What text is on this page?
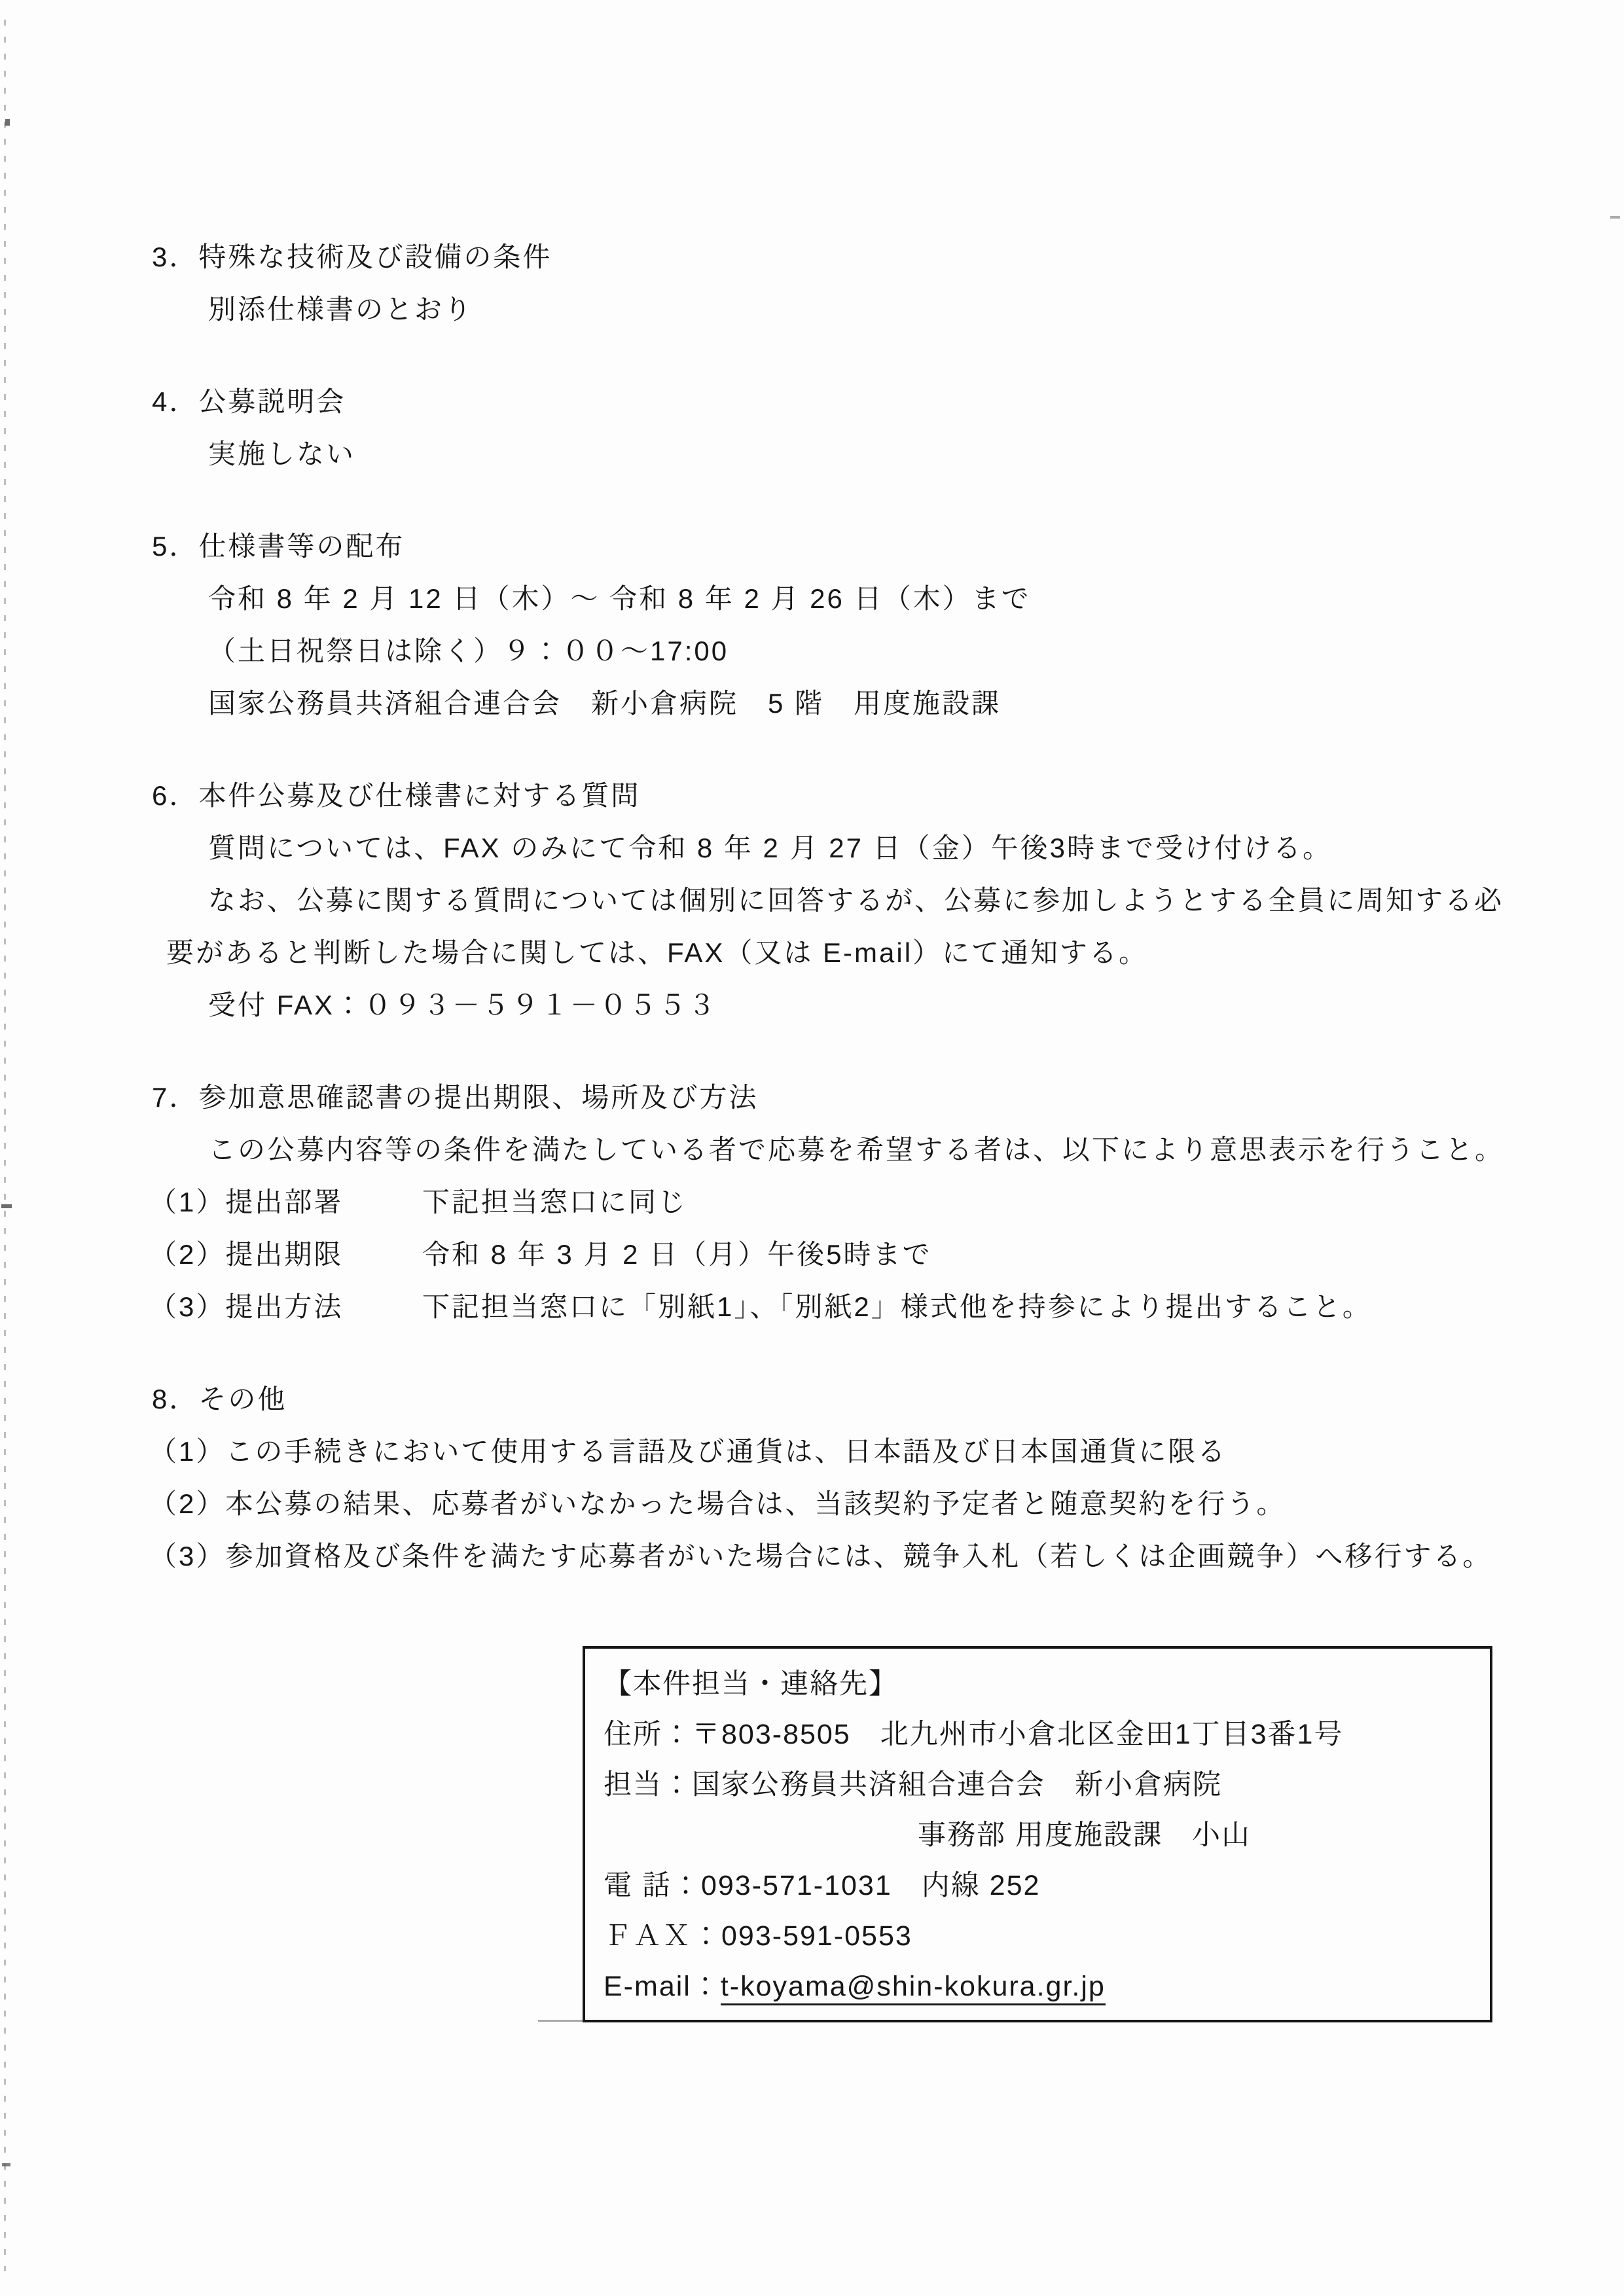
3．特殊な技術及び設備の条件
別添仕様書のとおり
4．公募説明会
実施しない
5．仕様書等の配布
令和 8 年 2 月 12 日（木）～ 令和 8 年 2 月 26 日（木）まで
（土日祝祭日は除く）９：００～17:00
国家公務員共済組合連合会　新小倉病院　5 階　用度施設課
6．本件公募及び仕様書に対する質問
質問については、FAX のみにて令和 8 年 2 月 27 日（金）午後3時まで受け付ける。
なお、公募に関する質問については個別に回答するが、公募に参加しようとする全員に周知する必
要があると判断した場合に関しては、FAX（又は E-mail）にて通知する。
受付 FAX：０９３－５９１－０５５３
7．参加意思確認書の提出期限、場所及び方法
この公募内容等の条件を満たしている者で応募を希望する者は、以下により意思表示を行うこと。
（1）提出部署	下記担当窓口に同じ
（2）提出期限	令和 8 年 3 月 2 日（月）午後5時まで
（3）提出方法	下記担当窓口に「別紙1」、「別紙2」様式他を持参により提出すること。
8．その他
（1）この手続きにおいて使用する言語及び通貨は、日本語及び日本国通貨に限る
（2）本公募の結果、応募者がいなかった場合は、当該契約予定者と随意契約を行う。
（3）参加資格及び条件を満たす応募者がいた場合には、競争入札（若しくは企画競争）へ移行する。
【本件担当・連絡先】
住所：〒803-8505　北九州市小倉北区金田1丁目3番1号
担当：国家公務員共済組合連合会　新小倉病院
事務部 用度施設課　小山
電 話：093-571-1031　内線 252
ＦＡＸ：093-591-0553
E-mail：t-koyama@shin-kokura.gr.jp
